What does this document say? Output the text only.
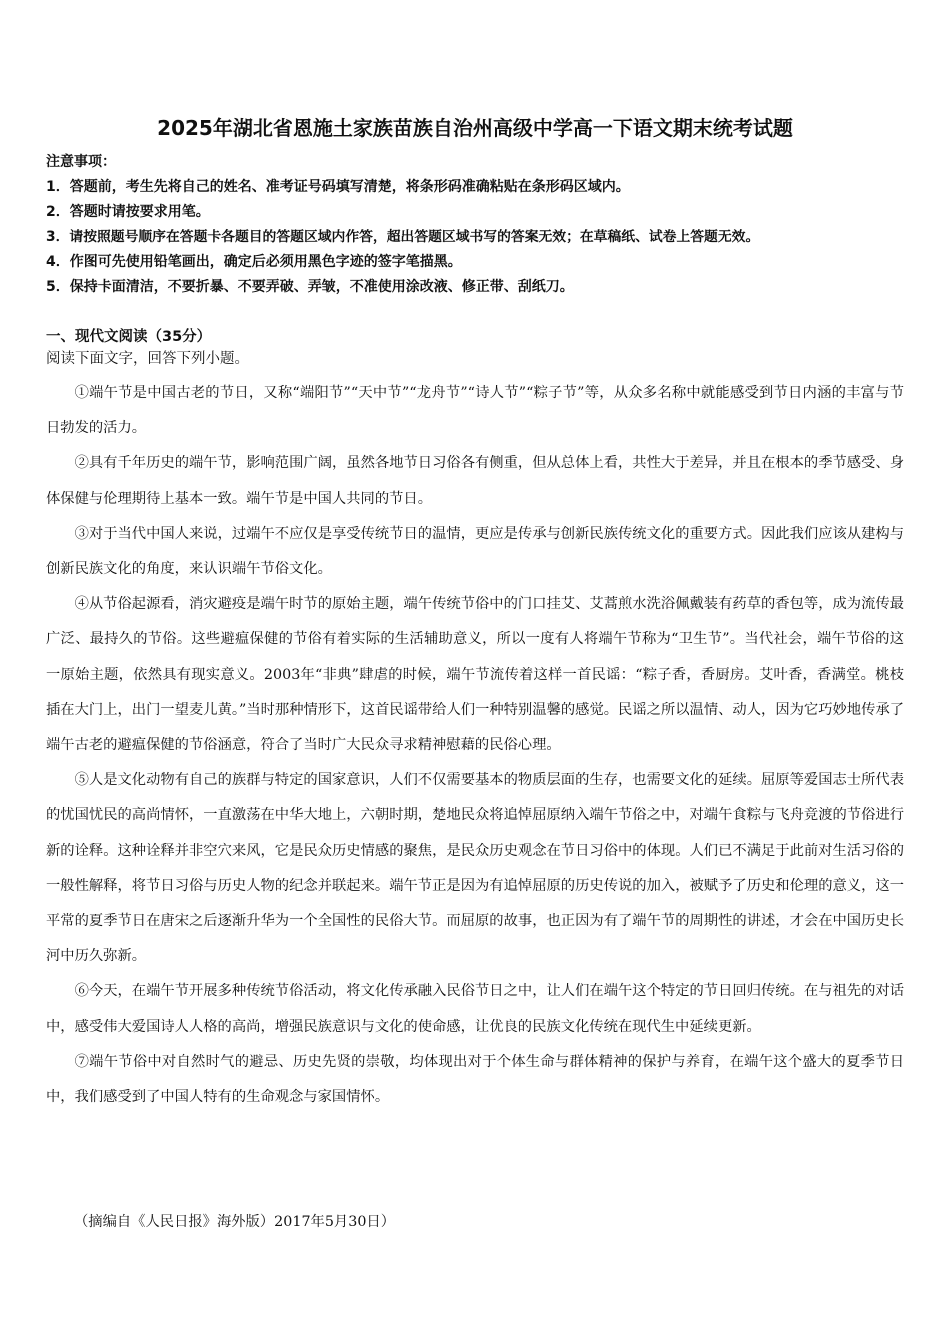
2025年湖北省恩施土家族苗族自治州高级中学高一下语文期末统考试题
注意事项：
1．答题前，考生先将自己的姓名、准考证号码填写清楚，将条形码准确粘贴在条形码区域内。
2．答题时请按要求用笔。
3．请按照题号顺序在答题卡各题目的答题区域内作答，超出答题区域书写的答案无效；在草稿纸、试卷上答题无效。
4．作图可先使用铅笔画出，确定后必须用黑色字迹的签字笔描黑。
5．保持卡面清洁，不要折暴、不要弄破、弄皱，不准使用涂改液、修正带、刮纸刀。
一、现代文阅读（35分）
阅读下面文字，回答下列小题。

①端午节是中国古老的节日，又称“端阳节”“天中节”“龙舟节”“诗人节”“粽子节”等，从众多名称中就能感受到节日内涵的丰富与节日勃发的活力。

②具有千年历史的端午节，影响范围广阔，虽然各地节日习俗各有侧重，但从总体上看，共性大于差异，并且在根本的季节感受、身体保健与伦理期待上基本一致。端午节是中国人共同的节日。

③对于当代中国人来说，过端午不应仅是享受传统节日的温情，更应是传承与创新民族传统文化的重要方式。因此我们应该从建构与创新民族文化的角度，来认识端午节俗文化。

④从节俗起源看，消灾避疫是端午时节的原始主题，端午传统节俗中的门口挂艾、艾蒿煎水洗浴佩戴装有药草的香包等，成为流传最广泛、最持久的节俗。这些避瘟保健的节俗有着实际的生活辅助意义，所以一度有人将端午节称为“卫生节”。当代社会，端午节俗的这一原始主题，依然具有现实意义。2003年“非典”肆虐的时候，端午节流传着这样一首民谣：“粽子香，香厨房。艾叶香，香满堂。桃枝插在大门上，出门一望麦儿黄。”当时那种情形下，这首民谣带给人们一种特别温馨的感觉。民谣之所以温情、动人，因为它巧妙地传承了端午古老的避瘟保健的节俗涵意，符合了当时广大民众寻求精神慰藉的民俗心理。

⑤人是文化动物有自己的族群与特定的国家意识，人们不仅需要基本的物质层面的生存，也需要文化的延续。屈原等爱国志士所代表的忧国忧民的高尚情怀，一直激荡在中华大地上，六朝时期，楚地民众将追悼屈原纳入端午节俗之中，对端午食粽与飞舟竞渡的节俗进行新的诠释。这种诠释并非空穴来风，它是民众历史情感的聚焦，是民众历史观念在节日习俗中的体现。人们已不满足于此前对生活习俗的一般性解释，将节日习俗与历史人物的纪念并联起来。端午节正是因为有追悼屈原的历史传说的加入，被赋予了历史和伦理的意义，这一平常的夏季节日在唐宋之后逐渐升华为一个全国性的民俗大节。而屈原的故事，也正因为有了端午节的周期性的讲述，才会在中国历史长河中历久弥新。

⑥今天，在端午节开展多种传统节俗活动，将文化传承融入民俗节日之中，让人们在端午这个特定的节日回归传统。在与祖先的对话中，感受伟大爱国诗人人格的高尚，增强民族意识与文化的使命感，让优良的民族文化传统在现代生中延续更新。

⑦端午节俗中对自然时气的避忌、历史先贤的崇敬，均体现出对于个体生命与群体精神的保护与养育，在端午这个盛大的夏季节日中，我们感受到了中国人特有的生命观念与家国情怀。

（摘编自《人民日报》海外版）2017年5月30日）
